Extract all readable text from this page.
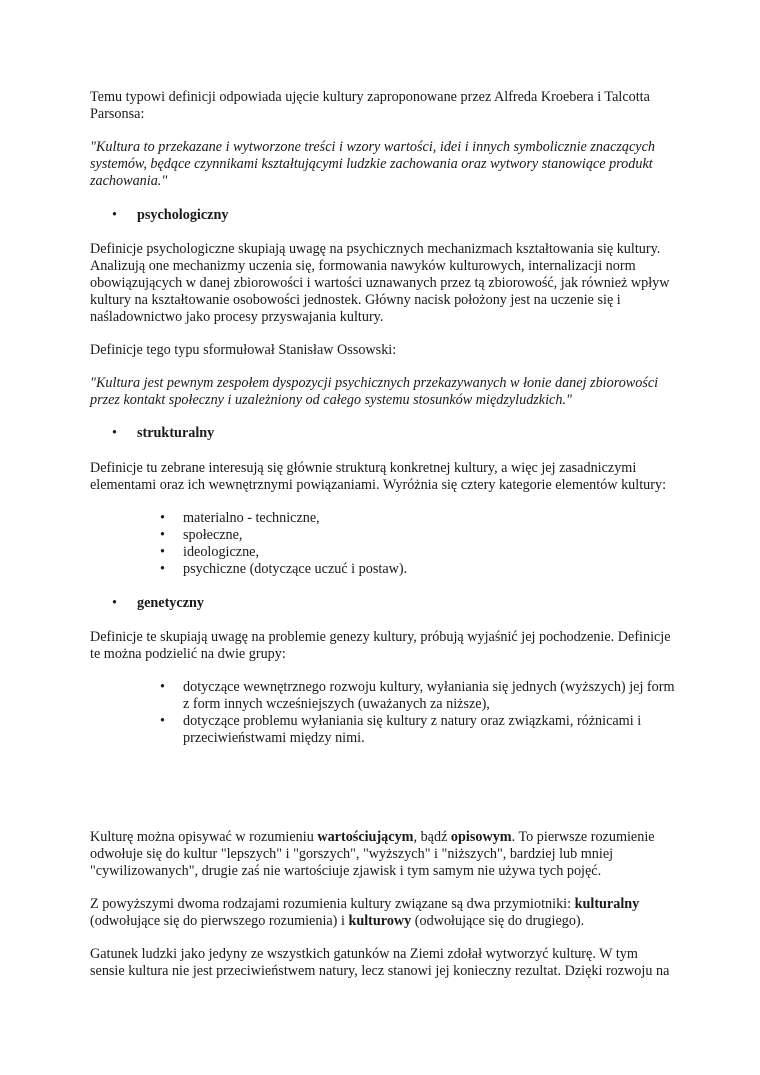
Temu typowi definicji odpowiada ujęcie kultury zaproponowane przez Alfreda Kroebera i Talcotta Parsonsa:

"Kultura to przekazane i wytworzone treści i wzory wartości, idei i innych symbolicznie znaczących systemów, będące czynnikami kształtującymi ludzkie zachowania oraz wytwory stanowiące produkt zachowania."

• psychologiczny

Definicje psychologiczne skupiają uwagę na psychicznych mechanizmach kształtowania się kultury. Analizują one mechanizmy uczenia się, formowania nawyków kulturowych, internalizacji norm obowiązujących w danej zbiorowości i wartości uznawanych przez tą zbiorowość, jak również wpływ kultury na kształtowanie osobowości jednostek. Główny nacisk położony jest na uczenie się i naśladownictwo jako procesy przyswajania kultury.

Definicje tego typu sformułował Stanisław Ossowski:

"Kultura jest pewnym zespołem dyspozycji psychicznych przekazywanych w łonie danej zbiorowości przez kontakt społeczny i uzależniony od całego systemu stosunków międzyludzkich."

• strukturalny

Definicje tu zebrane interesują się głównie strukturą konkretnej kultury, a więc jej zasadniczymi elementami oraz ich wewnętrznymi powiązaniami. Wyróżnia się cztery kategorie elementów kultury:

• materialno - techniczne,
• społeczne,
• ideologiczne,
• psychiczne (dotyczące uczuć i postaw).
• genetyczny

Definicje te skupiają uwagę na problemie genezy kultury, próbują wyjaśnić jej pochodzenie. Definicje te można podzielić na dwie grupy:

• dotyczące wewnętrznego rozwoju kultury, wyłaniania się jednych (wyższych) jej form z form innych wcześniejszych (uważanych za niższe),
• dotyczące problemu wyłaniania się kultury z natury oraz związkami, różnicami i przeciwieństwami między nimi.

Kulturę można opisywać w rozumieniu wartościującym, bądź opisowym. To pierwsze rozumienie odwołuje się do kultur "lepszych" i "gorszych", "wyższych" i "niższych", bardziej lub mniej "cywilizowanych", drugie zaś nie wartościuje zjawisk i tym samym nie używa tych pojęć.

Z powyższymi dwoma rodzajami rozumienia kultury związane są dwa przymiotniki: kulturalny (odwołujące się do pierwszego rozumienia) i kulturowy (odwołujące się do drugiego).

Gatunek ludzki jako jedyny ze wszystkich gatunków na Ziemi zdołał wytworzyć kulturę. W tym sensie kultura nie jest przeciwieństwem natury, lecz stanowi jej konieczny rezultat. Dzięki rozwoju na
